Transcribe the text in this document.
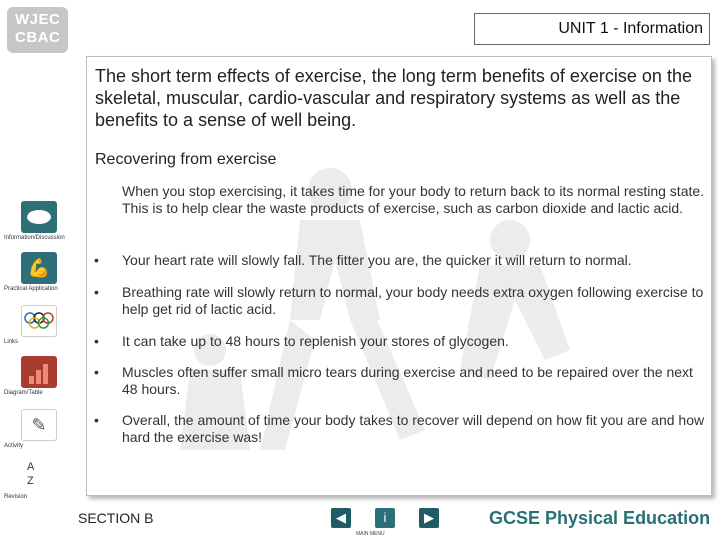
WJEC
CBAC
UNIT 1 - Information
The short term effects of exercise, the long term benefits of exercise on the skeletal, muscular, cardio-vascular and respiratory systems as well as the benefits to a sense of well being.
Recovering from exercise
When you stop exercising, it takes time for your body to return back to its normal resting state. This is to help clear the waste products of exercise, such as carbon dioxide and lactic acid.
• Your heart rate will slowly fall. The fitter you are, the quicker it will return to normal.
• Breathing rate will slowly return to normal, your body needs extra oxygen following exercise to help get rid of lactic acid.
• It can take up to 48 hours to replenish your stores of glycogen.
• Muscles often suffer small micro tears during exercise and need to be repaired over the next 48 hours.
• Overall, the amount of time your body takes to recover will depend on how fit you are and how hard the exercise was!
Information/Discussion
💪
Practical Application
Links
Diagram/Table
✎
Activity
A
Z
Revision
SECTION B	◀	i	▶
MAIN MENU
GCSE Physical Education
